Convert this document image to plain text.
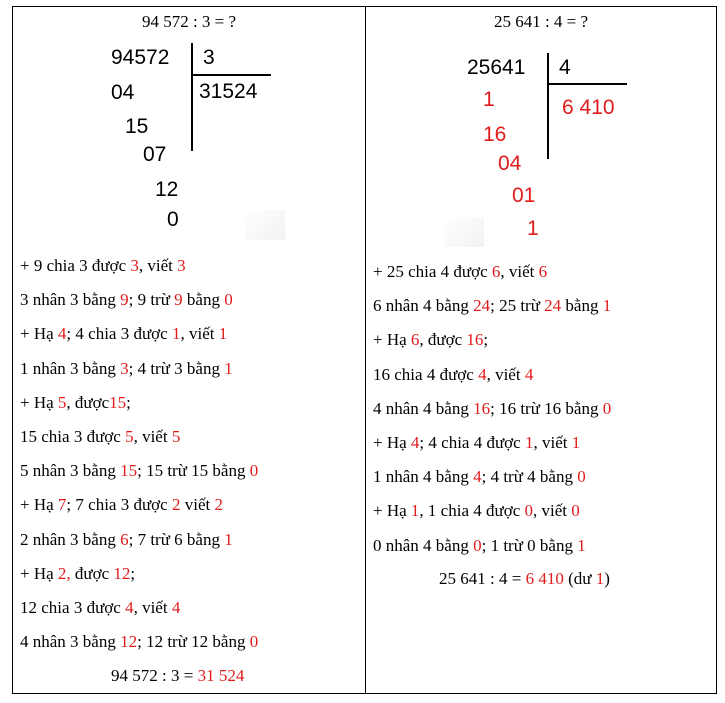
94 572 : 3 = ?
94572 3
31524
04
15
07
12
0
+ 9 chia 3 được 3, viết 3
3 nhân 3 bằng 9; 9 trừ 9 bằng 0
+ Hạ 4; 4 chia 3 được 1, viết 1
1 nhân 3 bằng 3; 4 trừ 3 bằng 1
+ Hạ 5, được15;
15 chia 3 được 5, viết 5
5 nhân 3 bằng 15; 15 trừ 15 bằng 0
+ Hạ 7; 7 chia 3 được 2 viết 2
2 nhân 3 bằng 6; 7 trừ 6 bằng 1
+ Hạ 2, được 12;
12 chia 3 được 4, viết 4
4 nhân 3 bằng 12; 12 trừ 12 bằng 0
94 572 : 3 = 31 524
25 641 : 4 = ?
25641 4
6 410
1
16
04
01
1
+ 25 chia 4 được 6, viết 6
6 nhân 4 bằng 24; 25 trừ 24 bằng 1
+ Hạ 6, được 16;
16 chia 4 được 4, viết 4
4 nhân 4 bằng 16; 16 trừ 16 bằng 0
+ Hạ 4; 4 chia 4 được 1, viết 1
1 nhân 4 bằng 4; 4 trừ 4 bằng 0
+ Hạ 1, 1 chia 4 được 0, viết 0
0 nhân 4 bằng 0; 1 trừ 0 bằng 1
25 641 : 4 = 6 410 (dư 1)
